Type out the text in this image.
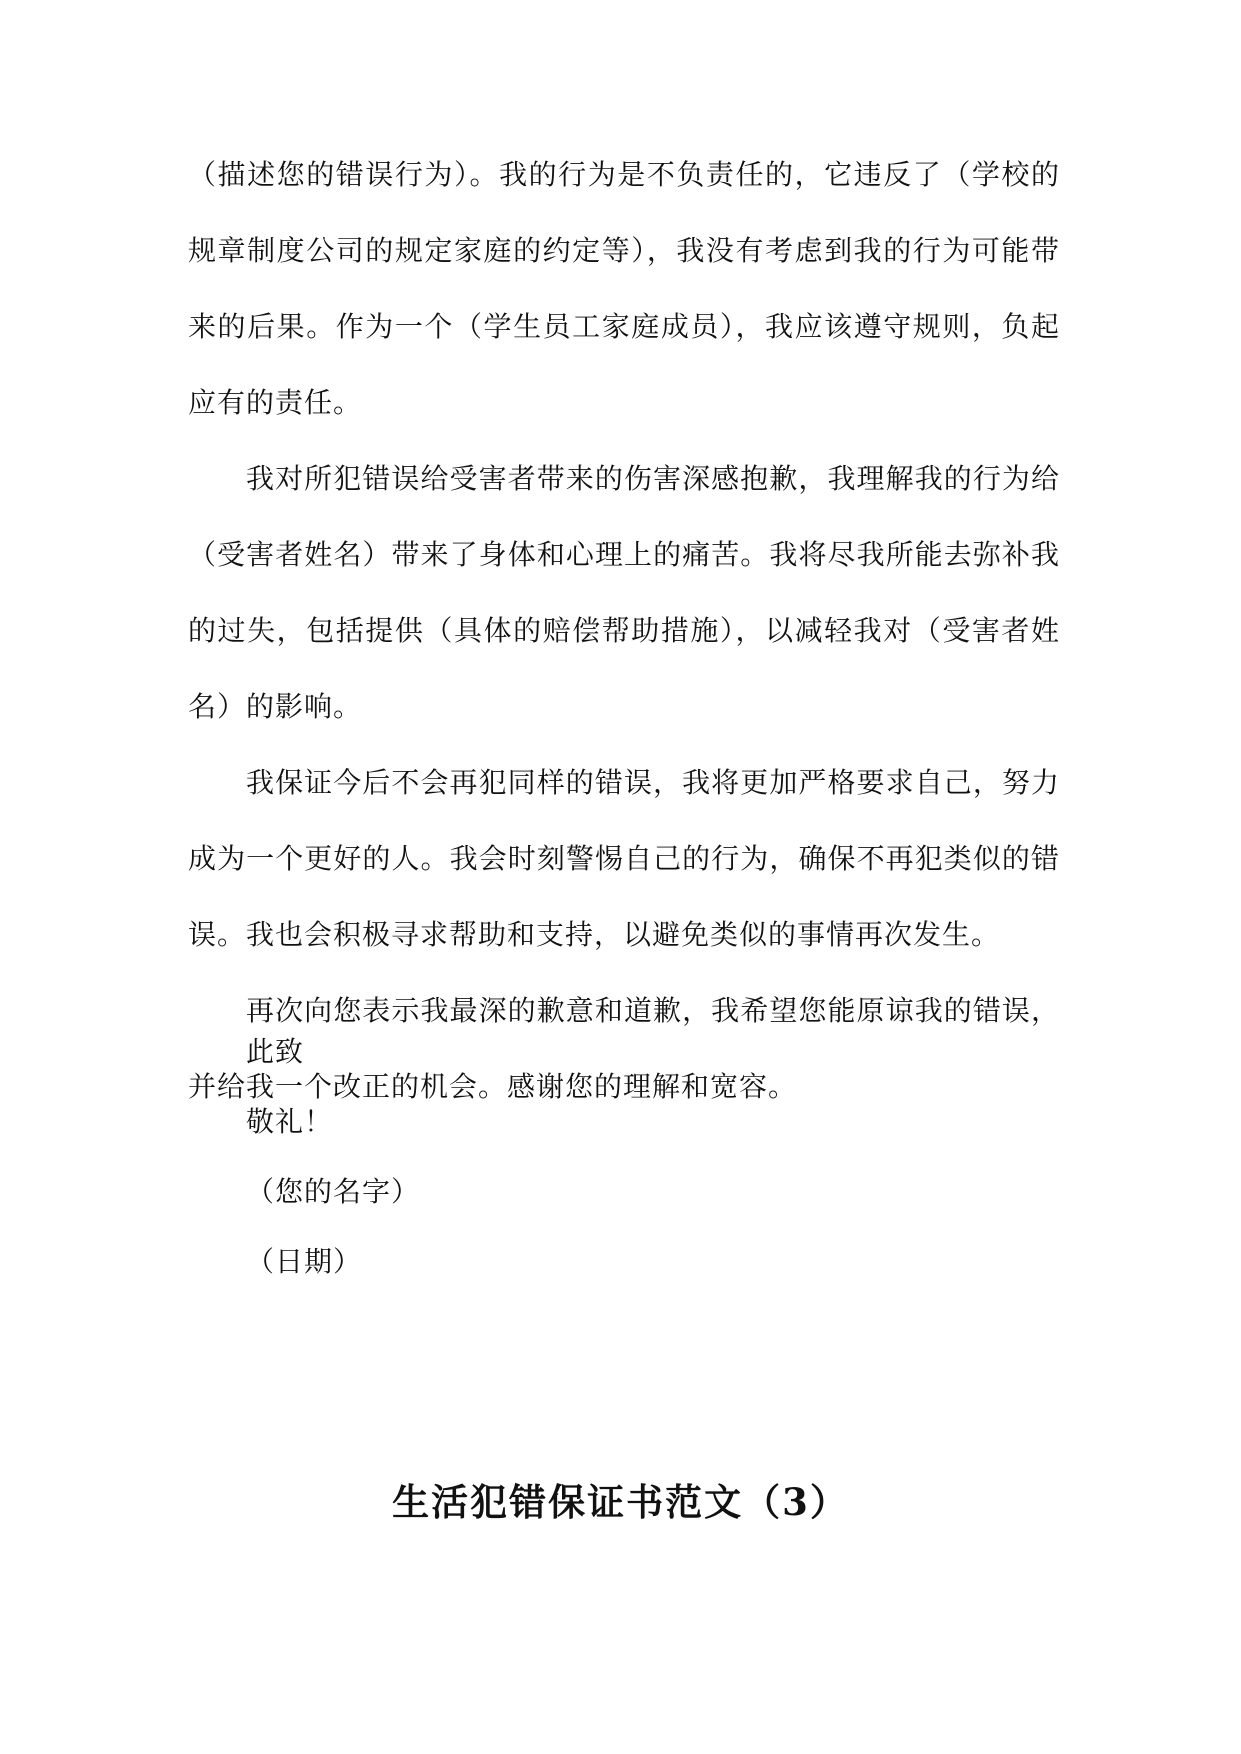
（描述您的错误行为）。我的行为是不负责任的，它违反了（学校的规章制度公司的规定家庭的约定等），我没有考虑到我的行为可能带来的后果。作为一个（学生员工家庭成员），我应该遵守规则，负起应有的责任。

我对所犯错误给受害者带来的伤害深感抱歉，我理解我的行为给（受害者姓名）带来了身体和心理上的痛苦。我将尽我所能去弥补我的过失，包括提供（具体的赔偿帮助措施），以减轻我对（受害者姓名）的影响。

我保证今后不会再犯同样的错误，我将更加严格要求自己，努力成为一个更好的人。我会时刻警惕自己的行为，确保不再犯类似的错误。我也会积极寻求帮助和支持，以避免类似的事情再次发生。

再次向您表示我最深的歉意和道歉，我希望您能原谅我的错误，并给我一个改正的机会。感谢您的理解和宽容。

此致
敬礼！
（您的名字）
（日期）
生活犯错保证书范文（3）
